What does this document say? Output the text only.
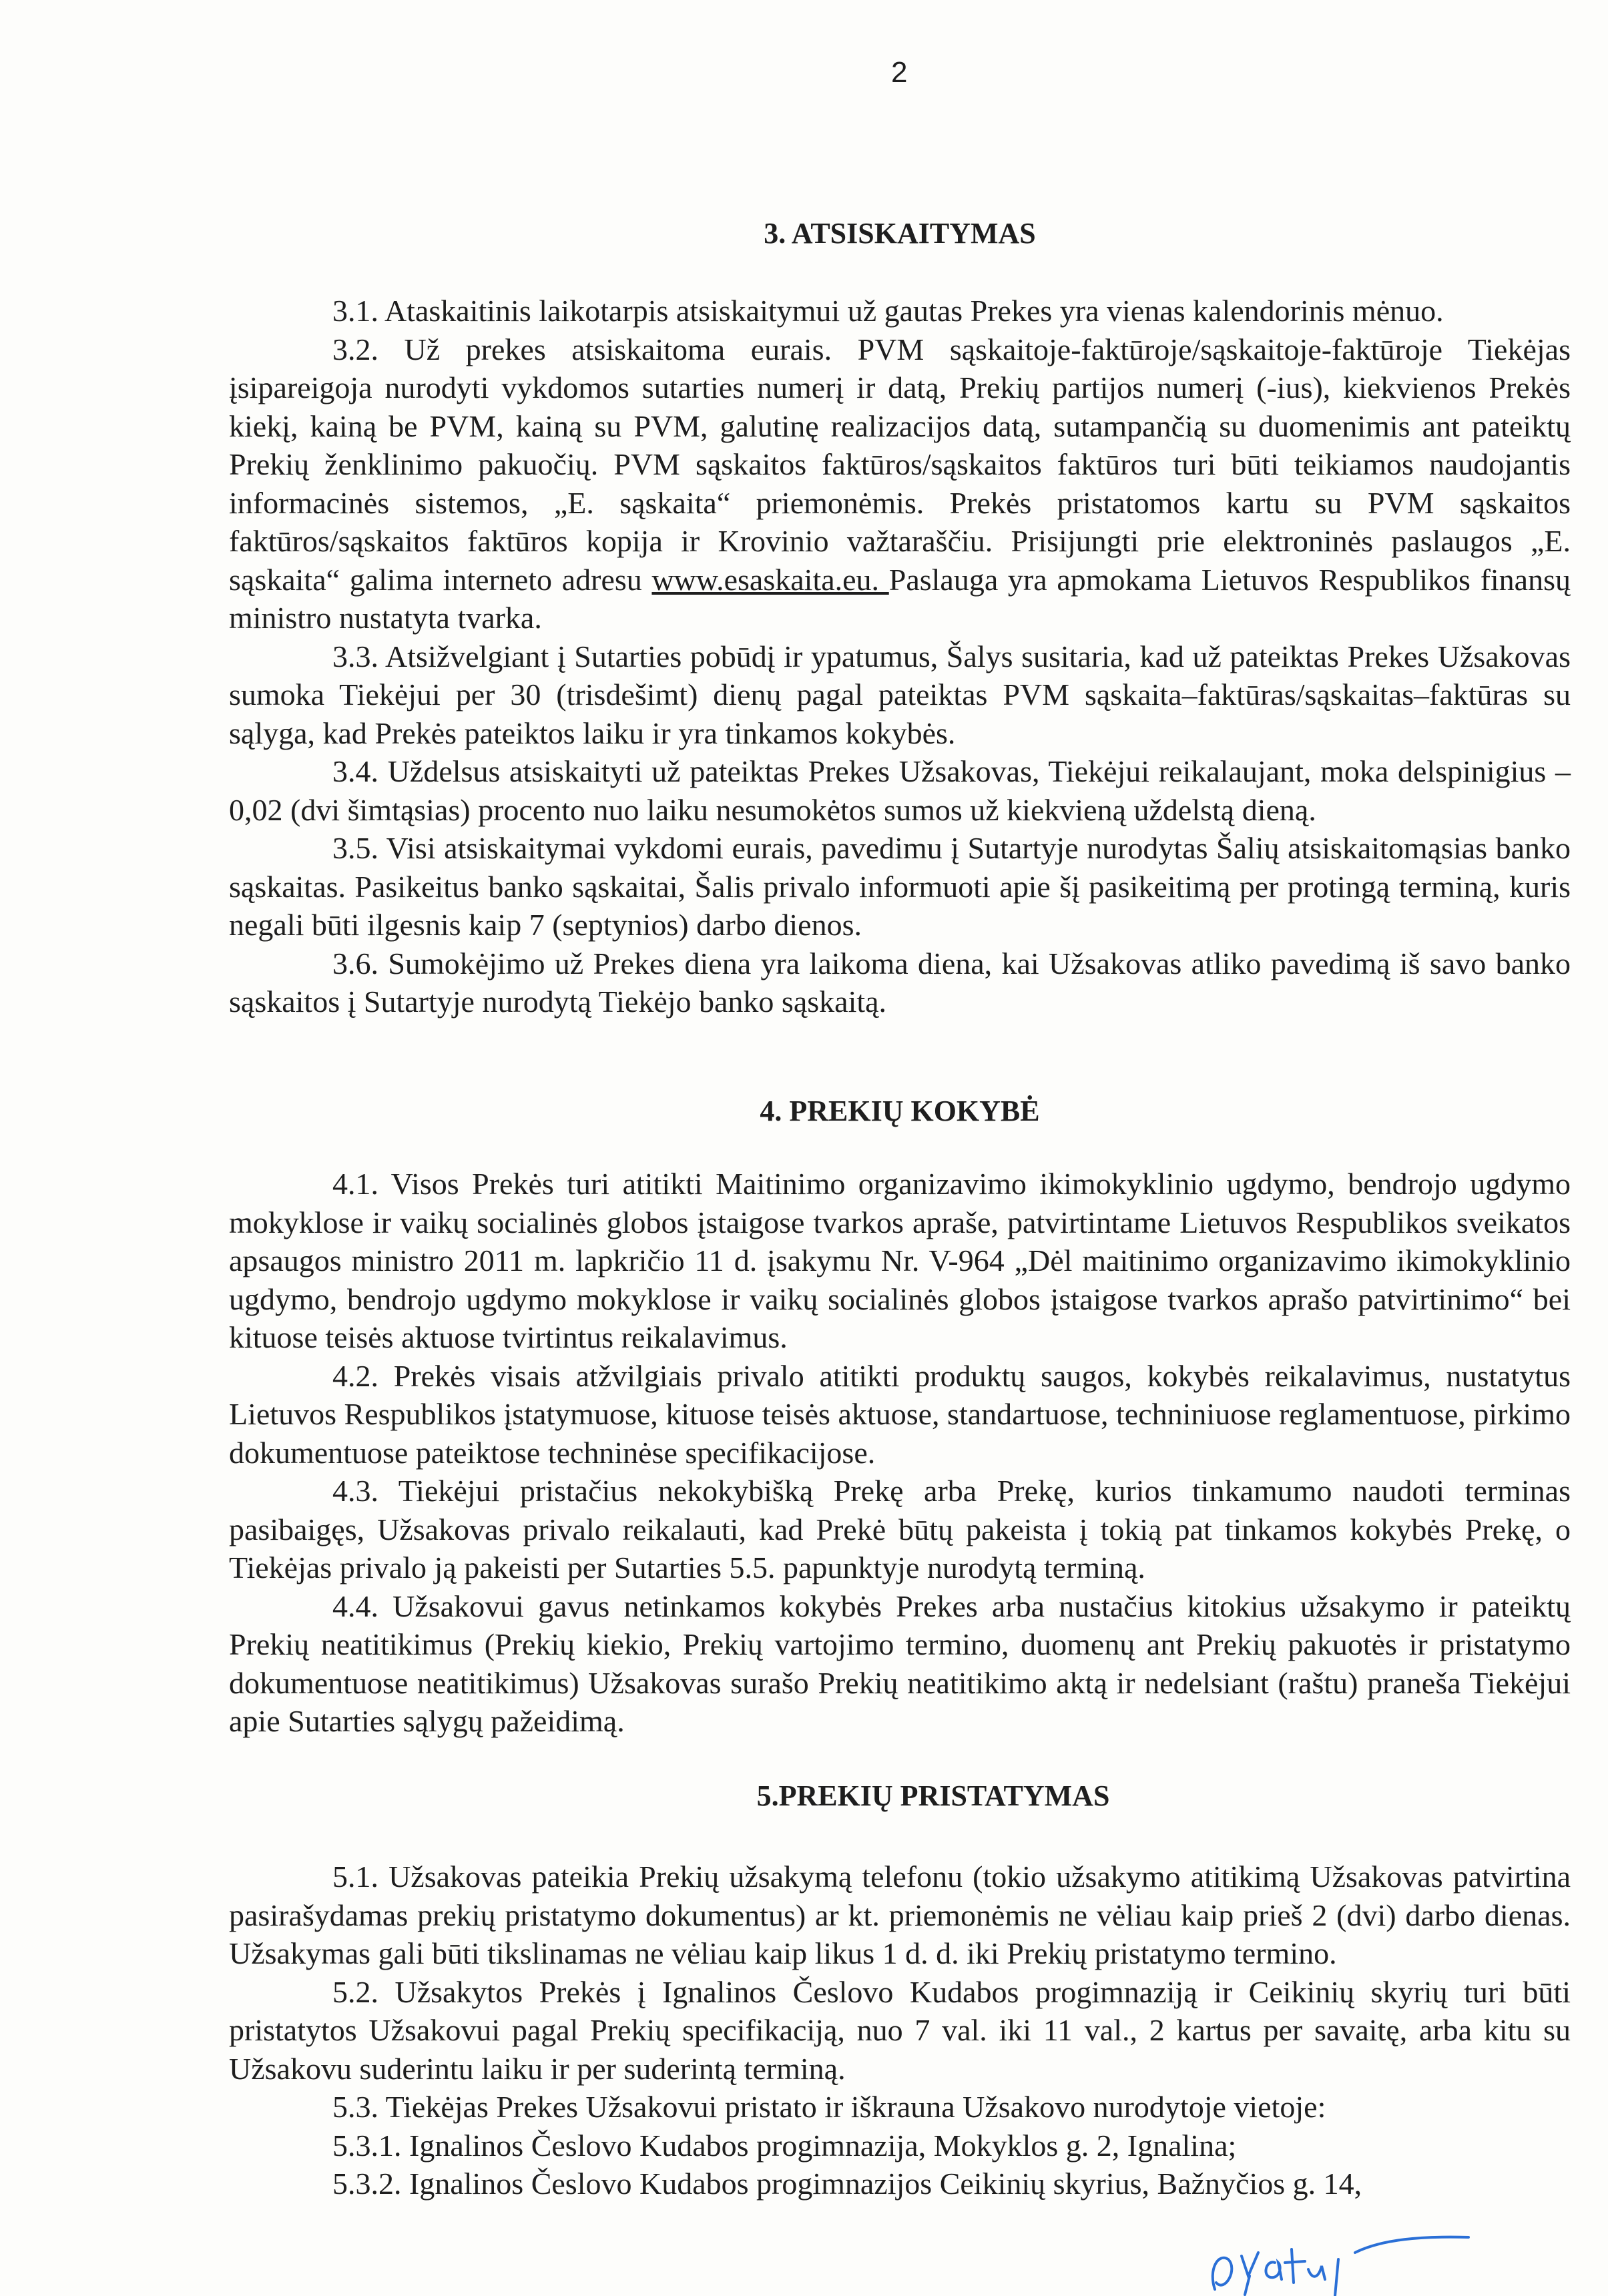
2
3. ATSISKAITYMAS

3.1. Ataskaitinis laikotarpis atsiskaitymui už gautas Prekes yra vienas kalendorinis mėnuo.

3.2. Už prekes atsiskaitoma eurais. PVM sąskaitoje-faktūroje/sąskaitoje-faktūroje Tiekėjas įsipareigoja nurodyti vykdomos sutarties numerį ir datą, Prekių partijos numerį (-ius), kiekvienos Prekės kiekį, kainą be PVM, kainą su PVM, galutinę realizacijos datą, sutampančią su duomenimis ant pateiktų Prekių ženklinimo pakuočių. PVM sąskaitos faktūros/sąskaitos faktūros turi būti teikiamos naudojantis informacinės sistemos, „E. sąskaita“ priemonėmis. Prekės pristatomos kartu su PVM sąskaitos faktūros/sąskaitos faktūros kopija ir Krovinio važtaraščiu. Prisijungti prie elektroninės paslaugos „E. sąskaita“ galima interneto adresu www.esaskaita.eu. Paslauga yra apmokama Lietuvos Respublikos finansų ministro nustatyta tvarka.

3.3. Atsižvelgiant į Sutarties pobūdį ir ypatumus, Šalys susitaria, kad už pateiktas Prekes Užsakovas sumoka Tiekėjui per 30 (trisdešimt) dienų pagal pateiktas PVM sąskaita–faktūras/sąskaitas–faktūras su sąlyga, kad Prekės pateiktos laiku ir yra tinkamos kokybės.

3.4. Uždelsus atsiskaityti už pateiktas Prekes Užsakovas, Tiekėjui reikalaujant, moka delspinigius – 0,02 (dvi šimtąsias) procento nuo laiku nesumokėtos sumos už kiekvieną uždelstą dieną.

3.5. Visi atsiskaitymai vykdomi eurais, pavedimu į Sutartyje nurodytas Šalių atsiskaitomąsias banko sąskaitas. Pasikeitus banko sąskaitai, Šalis privalo informuoti apie šį pasikeitimą per protingą terminą, kuris negali būti ilgesnis kaip 7 (septynios) darbo dienos.

3.6. Sumokėjimo už Prekes diena yra laikoma diena, kai Užsakovas atliko pavedimą iš savo banko sąskaitos į Sutartyje nurodytą Tiekėjo banko sąskaitą.

4. PREKIŲ KOKYBĖ

4.1. Visos Prekės turi atitikti Maitinimo organizavimo ikimokyklinio ugdymo, bendrojo ugdymo mokyklose ir vaikų socialinės globos įstaigose tvarkos apraše, patvirtintame Lietuvos Respublikos sveikatos apsaugos ministro 2011 m. lapkričio 11 d. įsakymu Nr. V-964 „Dėl maitinimo organizavimo ikimokyklinio ugdymo, bendrojo ugdymo mokyklose ir vaikų socialinės globos įstaigose tvarkos aprašo patvirtinimo“ bei kituose teisės aktuose tvirtintus reikalavimus.

4.2. Prekės visais atžvilgiais privalo atitikti produktų saugos, kokybės reikalavimus, nustatytus Lietuvos Respublikos įstatymuose, kituose teisės aktuose, standartuose, techniniuose reglamentuose, pirkimo dokumentuose pateiktose techninėse specifikacijose.

4.3. Tiekėjui pristačius nekokybišką Prekę arba Prekę, kurios tinkamumo naudoti terminas pasibaigęs, Užsakovas privalo reikalauti, kad Prekė būtų pakeista į tokią pat tinkamos kokybės Prekę, o Tiekėjas privalo ją pakeisti per Sutarties 5.5. papunktyje nurodytą terminą.

4.4. Užsakovui gavus netinkamos kokybės Prekes arba nustačius kitokius užsakymo ir pateiktų Prekių neatitikimus (Prekių kiekio, Prekių vartojimo termino, duomenų ant Prekių pakuotės ir pristatymo dokumentuose neatitikimus) Užsakovas surašo Prekių neatitikimo aktą ir nedelsiant (raštu) praneša Tiekėjui apie Sutarties sąlygų pažeidimą.

5.PREKIŲ PRISTATYMAS

5.1. Užsakovas pateikia Prekių užsakymą telefonu (tokio užsakymo atitikimą Užsakovas patvirtina pasirašydamas prekių pristatymo dokumentus) ar kt. priemonėmis ne vėliau kaip prieš 2 (dvi) darbo dienas. Užsakymas gali būti tikslinamas ne vėliau kaip likus 1 d. d. iki Prekių pristatymo termino.

5.2. Užsakytos Prekės į Ignalinos Česlovo Kudabos progimnaziją ir Ceikinių skyrių turi būti pristatytos Užsakovui pagal Prekių specifikaciją, nuo 7 val. iki 11 val., 2 kartus per savaitę, arba kitu su Užsakovu suderintu laiku ir per suderintą terminą.

5.3. Tiekėjas Prekes Užsakovui pristato ir iškrauna Užsakovo nurodytoje vietoje:

5.3.1. Ignalinos Česlovo Kudabos progimnazija, Mokyklos g. 2, Ignalina;

5.3.2. Ignalinos Česlovo Kudabos progimnazijos Ceikinių skyrius, Bažnyčios g. 14,
